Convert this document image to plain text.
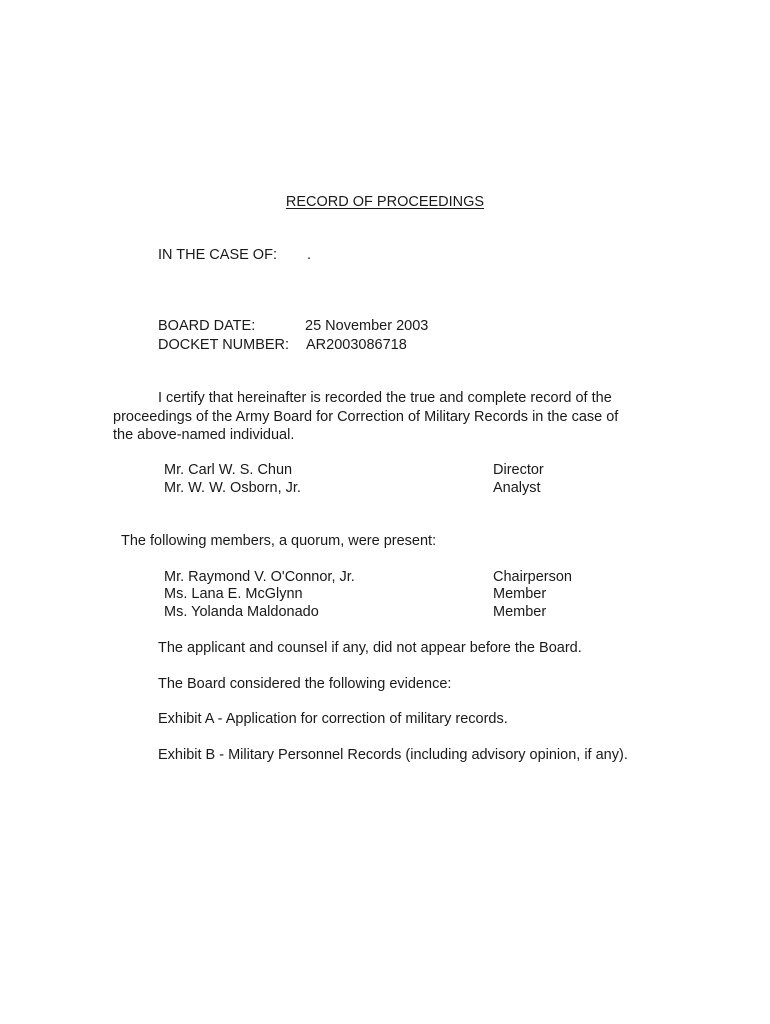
RECORD OF PROCEEDINGS
IN THE CASE OF: .
BOARD DATE:	25 November 2003
DOCKET NUMBER: AR2003086718
I certify that hereinafter is recorded the true and complete record of the
proceedings of the Army Board for Correction of Military Records in the case of
the above-named individual.
Mr. Carl W. S. Chun	Director
Mr. W. W. Osborn, Jr.	Analyst
The following members, a quorum, were present:
Mr. Raymond V. O'Connor, Jr.	Chairperson
Ms. Lana E. McGlynn	Member
Ms. Yolanda Maldonado	Member
The applicant and counsel if any, did not appear before the Board.
The Board considered the following evidence:
Exhibit A - Application for correction of military records.
Exhibit B - Military Personnel Records (including advisory opinion, if any).
